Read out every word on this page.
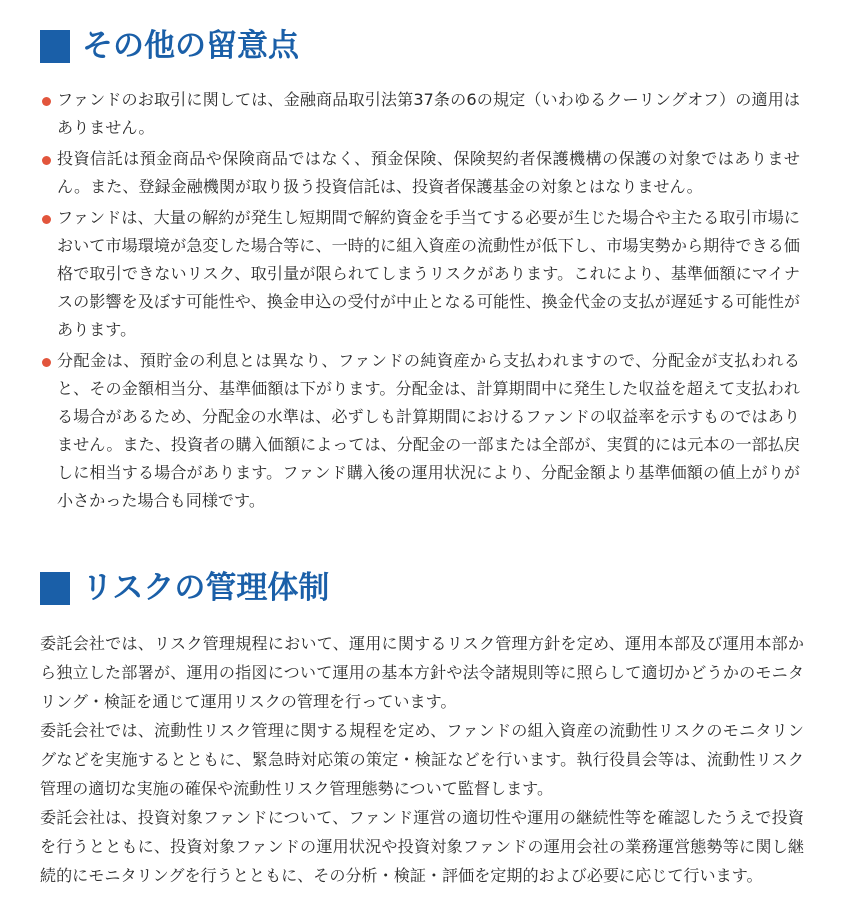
その他の留意点
ファンドのお取引に関しては、金融商品取引法第37条の6の規定（いわゆるクーリングオフ）の適用はありません。
投資信託は預金商品や保険商品ではなく、預金保険、保険契約者保護機構の保護の対象ではありません。また、登録金融機関が取り扱う投資信託は、投資者保護基金の対象とはなりません。
ファンドは、大量の解約が発生し短期間で解約資金を手当てする必要が生じた場合や主たる取引市場において市場環境が急変した場合等に、一時的に組入資産の流動性が低下し、市場実勢から期待できる価格で取引できないリスク、取引量が限られてしまうリスクがあります。これにより、基準価額にマイナスの影響を及ぼす可能性や、換金申込の受付が中止となる可能性、換金代金の支払が遅延する可能性があります。
分配金は、預貯金の利息とは異なり、ファンドの純資産から支払われますので、分配金が支払われると、その金額相当分、基準価額は下がります。分配金は、計算期間中に発生した収益を超えて支払われる場合があるため、分配金の水準は、必ずしも計算期間におけるファンドの収益率を示すものではありません。また、投資者の購入価額によっては、分配金の一部または全部が、実質的には元本の一部払戻しに相当する場合があります。ファンド購入後の運用状況により、分配金額より基準価額の値上がりが小さかった場合も同様です。
リスクの管理体制

委託会社では、リスク管理規程において、運用に関するリスク管理方針を定め、運用本部及び運用本部から独立した部署が、運用の指図について運用の基本方針や法令諸規則等に照らして適切かどうかのモニタリング・検証を通じて運用リスクの管理を行っています。

委託会社では、流動性リスク管理に関する規程を定め、ファンドの組入資産の流動性リスクのモニタリングなどを実施するとともに、緊急時対応策の策定・検証などを行います。執行役員会等は、流動性リスク管理の適切な実施の確保や流動性リスク管理態勢について監督します。

委託会社は、投資対象ファンドについて、ファンド運営の適切性や運用の継続性等を確認したうえで投資を行うとともに、投資対象ファンドの運用状況や投資対象ファンドの運用会社の業務運営態勢等に関し継続的にモニタリングを行うとともに、その分析・検証・評価を定期的および必要に応じて行います。
